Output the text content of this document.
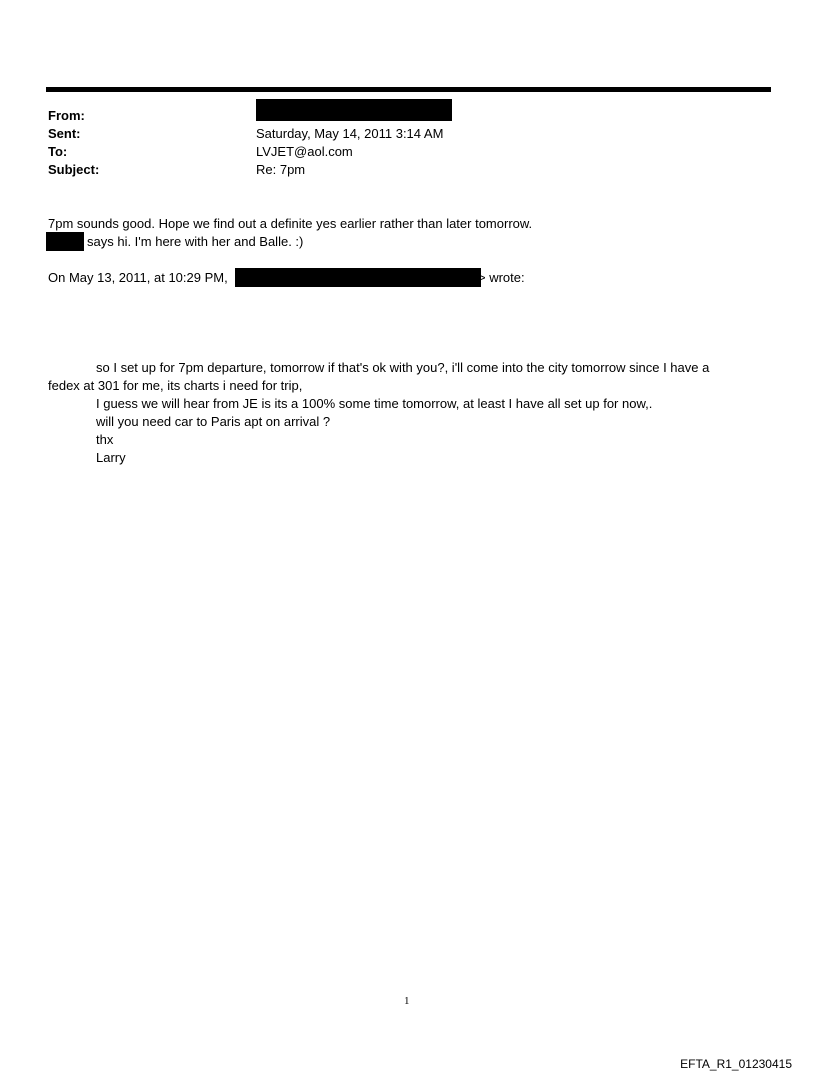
From:
Sent:	Saturday, May 14, 2011 3:14 AM
To:	LVJET@aol.com
Subject:	Re: 7pm
7pm sounds good. Hope we find out a definite yes earlier rather than later tomorrow.
says hi. I'm here with her and Balle. :)
On May 13, 2011, at 10:29 PM,	> wrote:
so I set up for 7pm departure, tomorrow if that's ok with you?, i'll come into the city tomorrow since I have a
fedex at 301 for me, its charts i need for trip,
I guess we will hear from JE is its a 100% some time tomorrow, at least I have all set up for now,.
will you need car to Paris apt on arrival ?
thx
Larry
1
EFTA_R1_01230415
